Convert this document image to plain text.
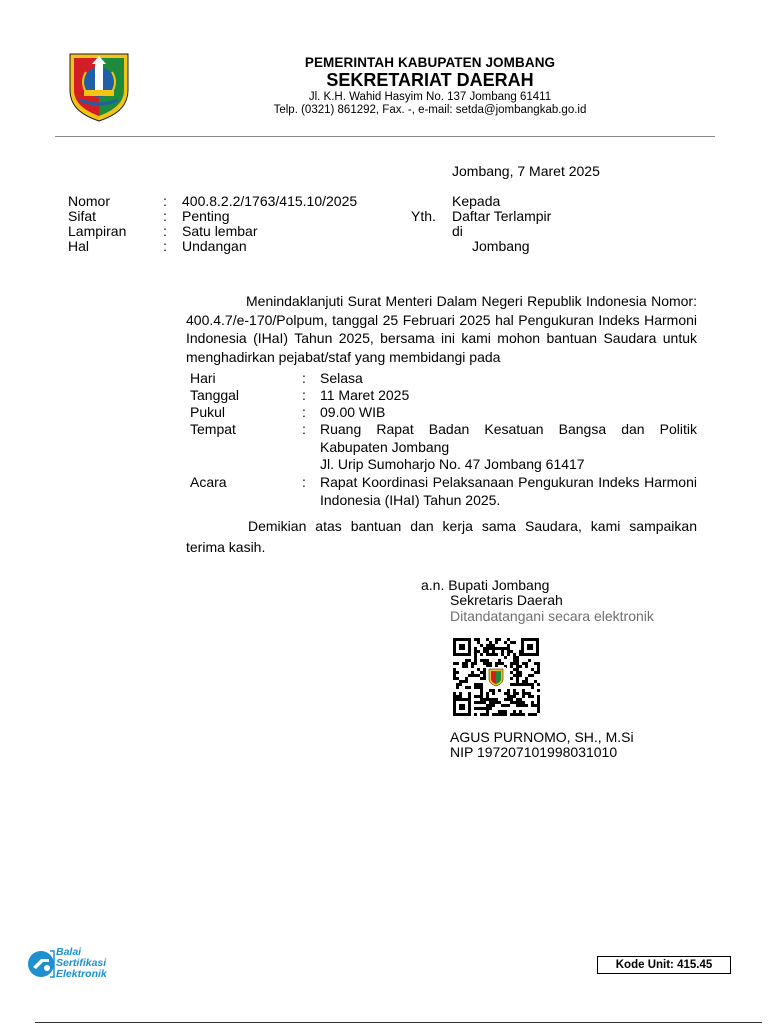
PEMERINTAH KABUPATEN JOMBANG
SEKRETARIAT DAERAH
Jl. K.H. Wahid Hasyim No. 137 Jombang 61411
Telp. (0321) 861292, Fax. -, e-mail: setda@jombangkab.go.id
Jombang, 7 Maret 2025
Nomor	: 400.8.2.2/1763/415.10/2025
Sifat	: Penting
Lampiran	: Satu lembar
Hal	: Undangan
Kepada
Yth. Daftar Terlampir
di
Jombang
Menindaklanjuti Surat Menteri Dalam Negeri Republik Indonesia Nomor: 400.4.7/e-170/Polpum, tanggal 25 Februari 2025 hal Pengukuran Indeks Harmoni Indonesia (IHaI) Tahun 2025, bersama ini kami mohon bantuan Saudara untuk menghadirkan pejabat/staf yang membidangi pada
Hari	: Selasa
Tanggal	: 11 Maret 2025
Pukul	: 09.00 WIB
Tempat	: Ruang Rapat Badan Kesatuan Bangsa dan Politik Kabupaten Jombang
Jl. Urip Sumoharjo No. 47 Jombang 61417
Acara	: Rapat Koordinasi Pelaksanaan Pengukuran Indeks Harmoni Indonesia (IHaI) Tahun 2025.
Demikian atas bantuan dan kerja sama Saudara, kami sampaikan terima kasih.
a.n. Bupati Jombang
Sekretaris Daerah
Ditandatangani secara elektronik
AGUS PURNOMO, SH., M.Si
NIP 197207101998031010
Balai
Sertifikasi
Elektronik
Kode Unit: 415.45
